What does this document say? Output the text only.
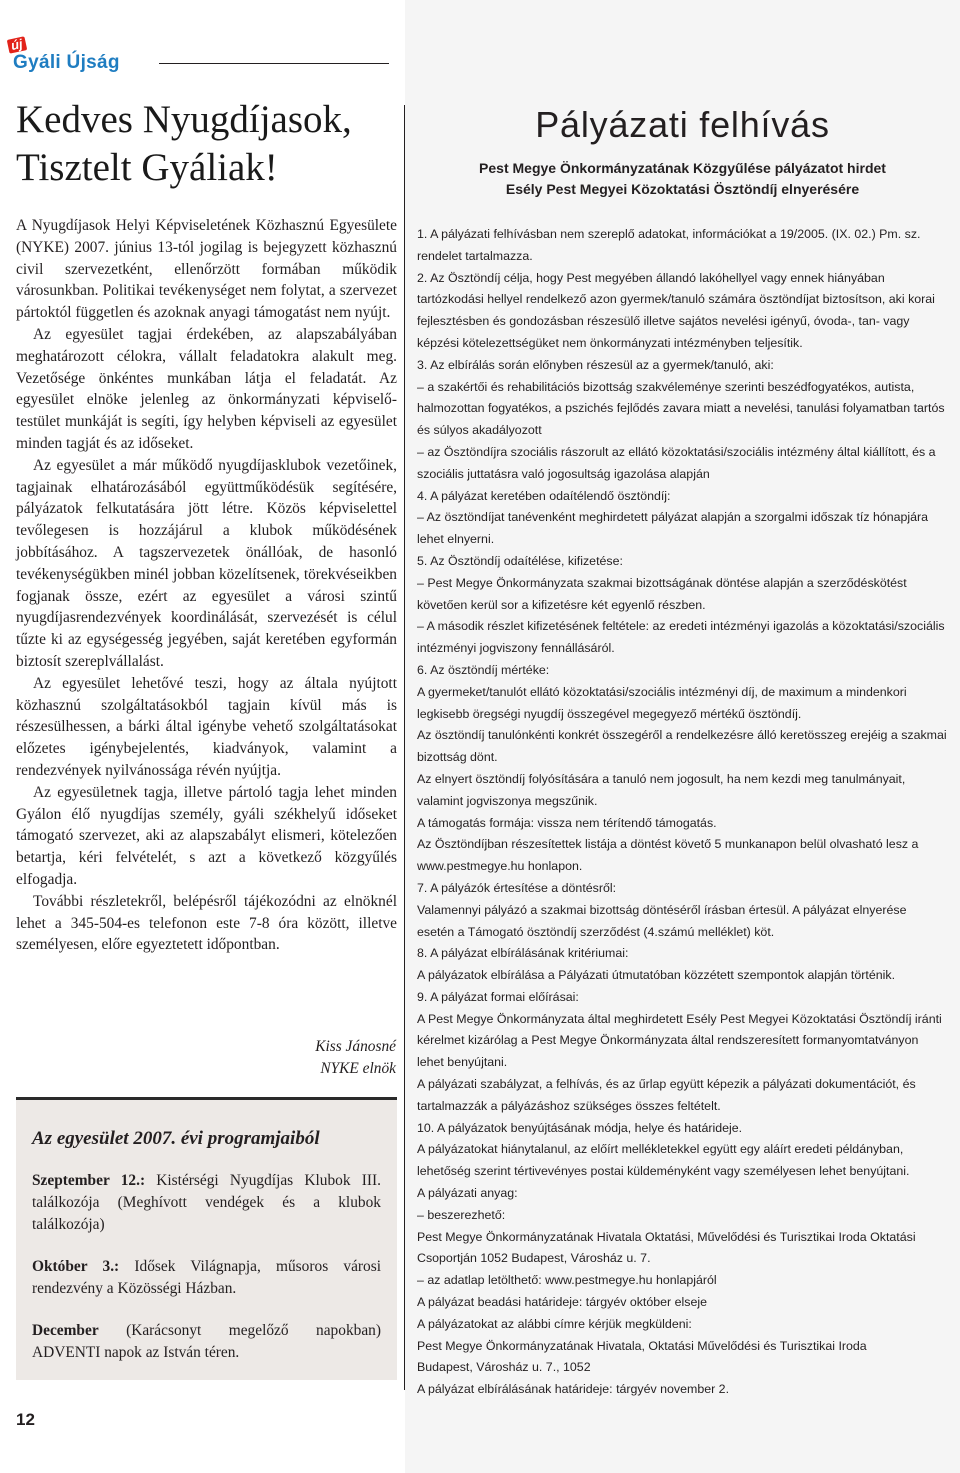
új
Gyáli Újság
Kedves Nyugdíjasok,
Tisztelt Gyáliak!

A Nyugdíjasok Helyi Képviseletének Közhasznú Egyesülete (NYKE) 2007. június 13-tól jogilag is bejegyzett közhasznú civil szervezetként, ellenőrzött formában működik városunkban. Politikai tevékenységet nem folytat, a szervezet pártoktól független és azoknak anyagi támogatást nem nyújt.

Az egyesület tagjai érdekében, az alapszabályában meghatározott célokra, vállalt feladatokra alakult meg. Vezetősége önkéntes munkában látja el feladatát. Az egyesület elnöke jelenleg az önkormányzati képviselő-testület munkáját is segíti, így helyben képviseli az egyesület minden tagját és az időseket.

Az egyesület a már működő nyugdíjasklubok vezetőinek, tagjainak elhatározásából együttműködésük segítésére, pályázatok felkutatására jött létre. Közös képviselettel tevőlegesen is hozzájárul a klubok működésének jobbításához. A tagszervezetek önállóak, de hasonló tevékenységükben minél jobban közelítsenek, törekvéseikben fogjanak össze, ezért az egyesület a városi szintű nyugdíjasrendezvények koordinálását, szervezését is célul tűzte ki az egységesség jegyében, saját keretében egyformán biztosít szereplvállalást.

Az egyesület lehetővé teszi, hogy az általa nyújtott közhasznú szolgáltatásokból tagjain kívül más is részesülhessen, a bárki által igénybe vehető szolgáltatásokat előzetes igénybejelentés, kiadványok, valamint a rendezvények nyilvánossága révén nyújtja.

Az egyesületnek tagja, illetve pártoló tagja lehet minden Gyálon élő nyugdíjas személy, gyáli székhelyű időseket támogató szervezet, aki az alapszabályt elismeri, kötelezően betartja, kéri felvételét, s azt a következő közgyűlés elfogadja.

További részletekről, belépésről tájékozódni az elnöknél lehet a 345-504-es telefonon este 7-8 óra között, illetve személyesen, előre egyeztetett időpontban.

Kiss Jánosné
NYKE elnök
Az egyesület 2007. évi programjaiból
Szeptember 12.: Kistérségi Nyugdíjas Klubok III. találkozója (Meghívott vendégek és a klubok találkozója)
Október 3.: Idősek Világnapja, műsoros városi rendezvény a Közösségi Házban.
December (Karácsonyt megelőző napokban) ADVENTI napok az István téren.
12
Pályázati felhívás
Pest Megye Önkormányzatának Közgyűlése pályázatot hirdet
Esély Pest Megyei Közoktatási Ösztöndíj elnyerésére
1. A pályázati felhívásban nem szereplő adatokat, információkat a 19/2005. (IX. 02.) Pm. sz. rendelet tartalmazza.
2. Az Ösztöndíj célja, hogy Pest megyében állandó lakóhellyel vagy ennek hiányában tartózkodási hellyel rendelkező azon gyermek/tanuló számára ösztöndíjat biztosítson, aki korai fejlesztésben és gondozásban részesülő illetve sajátos nevelési igényű, óvoda-, tan- vagy képzési kötelezettségüket nem önkormányzati intézményben teljesítik.
3. Az elbírálás során előnyben részesül az a gyermek/tanuló, aki:
– a szakértői és rehabilitációs bizottság szakvéleménye szerinti beszédfogyatékos, autista, halmozottan fogyatékos, a pszichés fejlődés zavara miatt a nevelési, tanulási folyamatban tartós és súlyos akadályozott
– az Ösztöndíjra szociális rászorult az ellátó közoktatási/szociális intézmény által kiállított, és a szociális juttatásra való jogosultság igazolása alapján
4. A pályázat keretében odaítélendő ösztöndíj:
– Az ösztöndíjat tanévenként meghirdetett pályázat alapján a szorgalmi időszak tíz hónapjára lehet elnyerni.
5. Az Ösztöndíj odaítélése, kifizetése:
– Pest Megye Önkormányzata szakmai bizottságának döntése alapján a szerződéskötést követően kerül sor a kifizetésre két egyenlő részben.
– A második részlet kifizetésének feltétele: az eredeti intézményi igazolás a közoktatási/szociális intézményi jogviszony fennállásáról.
6. Az ösztöndíj mértéke:
A gyermeket/tanulót ellátó közoktatási/szociális intézményi díj, de maximum a mindenkori legkisebb öregségi nyugdíj összegével megegyező mértékű ösztöndíj.
Az ösztöndíj tanulónkénti konkrét összegéről a rendelkezésre álló keretösszeg erejéig a szakmai bizottság dönt.
Az elnyert ösztöndíj folyósítására a tanuló nem jogosult, ha nem kezdi meg tanulmányait, valamint jogviszonya megszűnik.
A támogatás formája: vissza nem térítendő támogatás.
Az Ösztöndíjban részesítettek listája a döntést követő 5 munkanapon belül olvasható lesz a www.pestmegye.hu honlapon.
7. A pályázók értesítése a döntésről:
Valamennyi pályázó a szakmai bizottság döntéséről írásban értesül. A pályázat elnyerése esetén a Támogató ösztöndíj szerződést (4.számú melléklet) köt.
8. A pályázat elbírálásának kritériumai:
A pályázatok elbírálása a Pályázati útmutatóban közzétett szempontok alapján történik.
9. A pályázat formai előírásai:
A Pest Megye Önkormányzata által meghirdetett Esély Pest Megyei Közoktatási Ösztöndíj iránti kérelmet kizárólag a Pest Megye Önkormányzata által rendszeresített formanyomtatványon lehet benyújtani.
A pályázati szabályzat, a felhívás, és az űrlap együtt képezik a pályázati dokumentációt, és tartalmazzák a pályázáshoz szükséges összes feltételt.
10. A pályázatok benyújtásának módja, helye és határideje.
A pályázatokat hiánytalanul, az előírt mellékletekkel együtt egy aláírt eredeti példányban, lehetőség szerint tértivevényes postai küldeményként vagy személyesen lehet benyújtani.
A pályázati anyag:
– beszerezhető:
Pest Megye Önkormányzatának Hivatala Oktatási, Művelődési és Turisztikai Iroda Oktatási Csoportján 1052 Budapest, Városház u. 7.
– az adatlap letölthető: www.pestmegye.hu honlapjáról
A pályázat beadási határideje: tárgyév október elseje
A pályázatokat az alábbi címre kérjük megküldeni:
Pest Megye Önkormányzatának Hivatala, Oktatási Művelődési és Turisztikai Iroda
Budapest, Városház u. 7., 1052
A pályázat elbírálásának határideje: tárgyév november 2.
